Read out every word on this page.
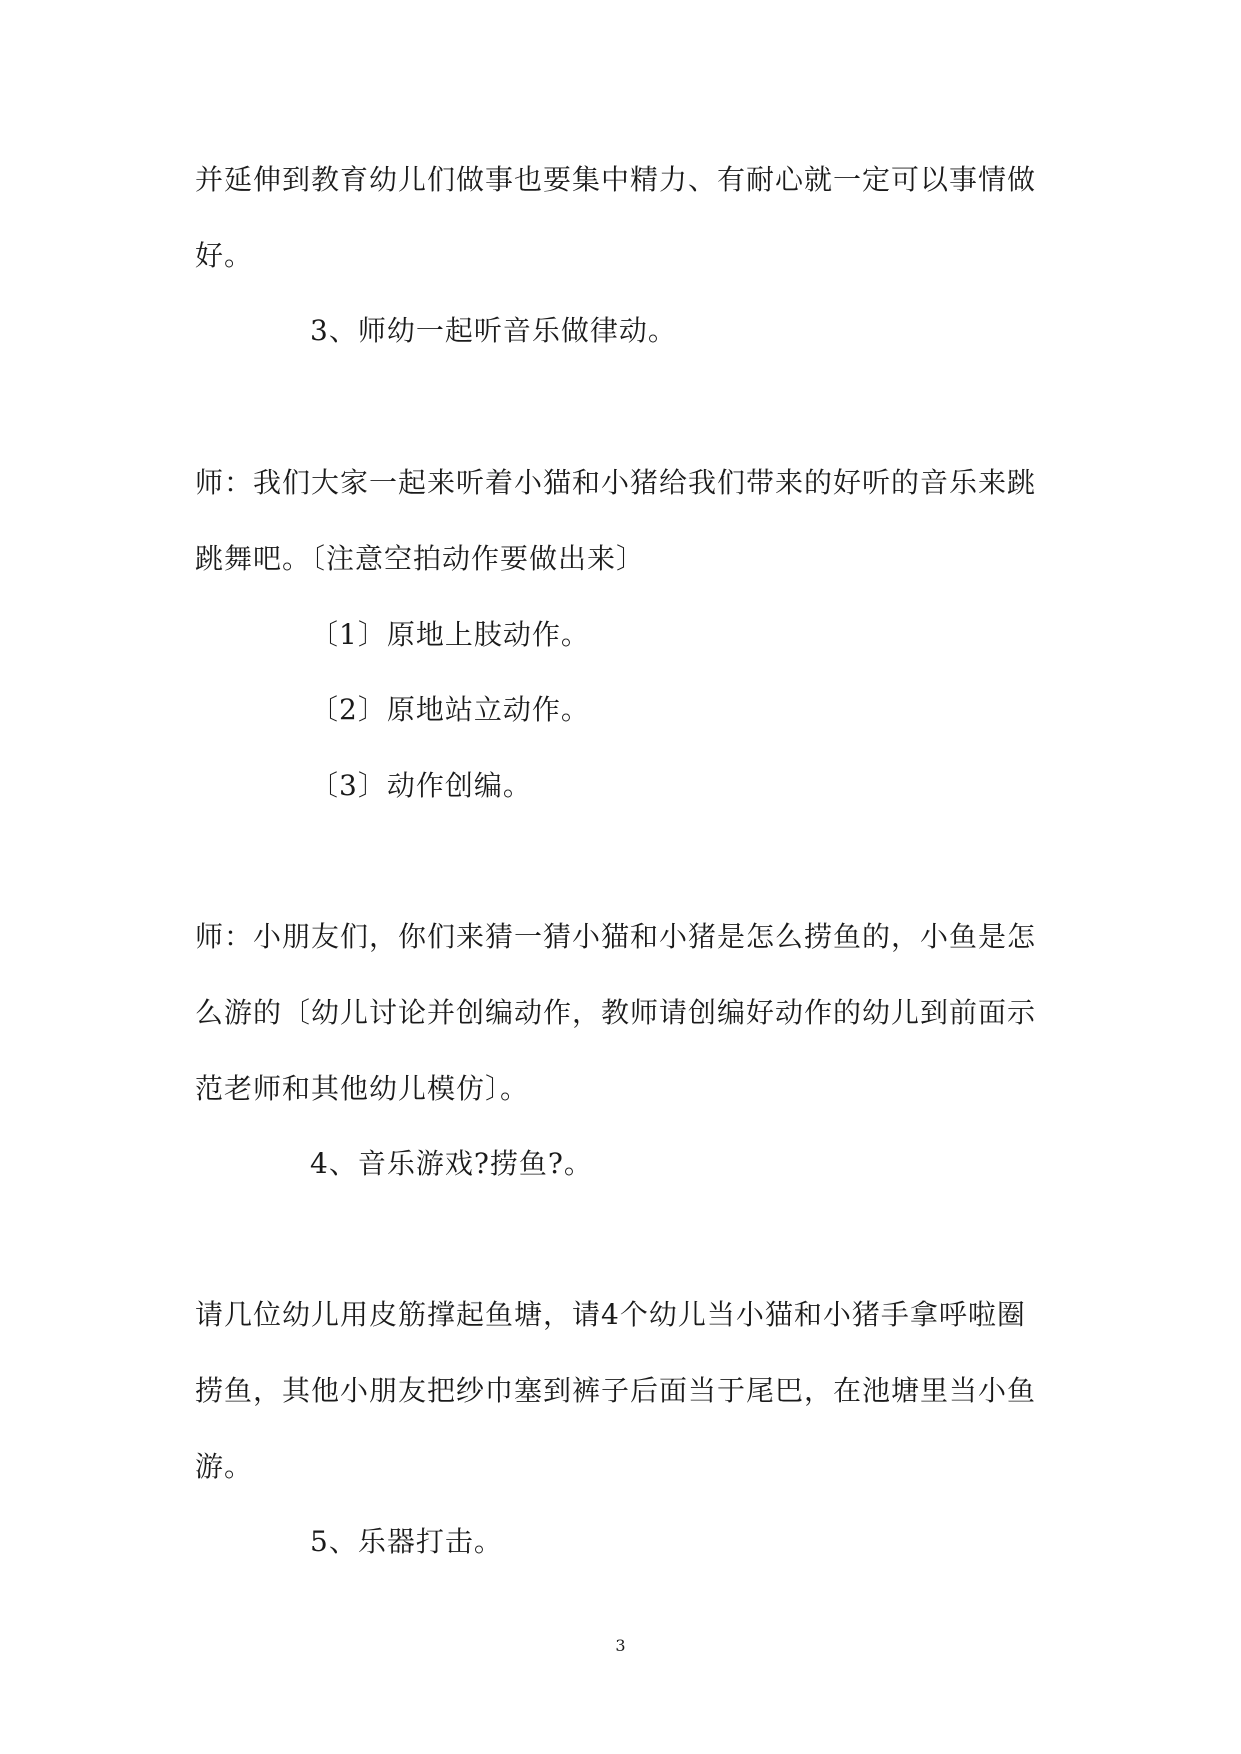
并延伸到教育幼儿们做事也要集中精力、有耐心就一定可以事情做
好。
3、师幼一起听音乐做律动。
师：我们大家一起来听着小猫和小猪给我们带来的好听的音乐来跳
跳舞吧。〔注意空拍动作要做出来〕
〔1〕原地上肢动作。
〔2〕原地站立动作。
〔3〕动作创编。
师：小朋友们，你们来猜一猜小猫和小猪是怎么捞鱼的，小鱼是怎
么游的〔幼儿讨论并创编动作，教师请创编好动作的幼儿到前面示
范老师和其他幼儿模仿〕。
4、音乐游戏?捞鱼?。
请几位幼儿用皮筋撑起鱼塘，请4个幼儿当小猫和小猪手拿呼啦圈
捞鱼，其他小朋友把纱巾塞到裤子后面当于尾巴，在池塘里当小鱼
游。
5、乐器打击。
3
